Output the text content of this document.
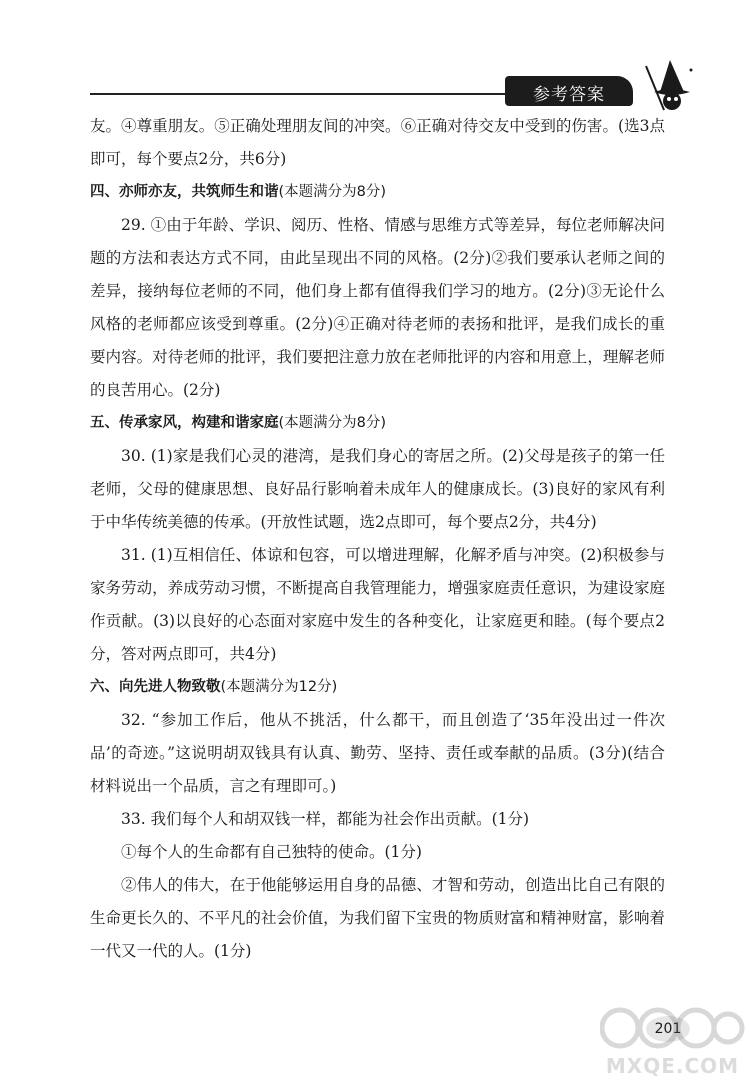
参考答案

友。④尊重朋友。⑤正确处理朋友间的冲突。⑥正确对待交友中受到的伤害。(选3点即可，每个要点2分，共6分)

四、亦师亦友，共筑师生和谐(本题满分为8分)

29. ①由于年龄、学识、阅历、性格、情感与思维方式等差异，每位老师解决问题的方法和表达方式不同，由此呈现出不同的风格。(2分)②我们要承认老师之间的差异，接纳每位老师的不同，他们身上都有值得我们学习的地方。(2分)③无论什么风格的老师都应该受到尊重。(2分)④正确对待老师的表扬和批评，是我们成长的重要内容。对待老师的批评，我们要把注意力放在老师批评的内容和用意上，理解老师的良苦用心。(2分)

五、传承家风，构建和谐家庭(本题满分为8分)

30. (1)家是我们心灵的港湾，是我们身心的寄居之所。(2)父母是孩子的第一任老师，父母的健康思想、良好品行影响着未成年人的健康成长。(3)良好的家风有利于中华传统美德的传承。(开放性试题，选2点即可，每个要点2分，共4分)

31. (1)互相信任、体谅和包容，可以增进理解，化解矛盾与冲突。(2)积极参与家务劳动，养成劳动习惯，不断提高自我管理能力，增强家庭责任意识，为建设家庭作贡献。(3)以良好的心态面对家庭中发生的各种变化，让家庭更和睦。(每个要点2分，答对两点即可，共4分)

六、向先进人物致敬(本题满分为12分)

32. “参加工作后，他从不挑活，什么都干，而且创造了‘35年没出过一件次品’的奇迹。”这说明胡双钱具有认真、勤劳、坚持、责任或奉献的品质。(3分)(结合材料说出一个品质，言之有理即可。)

33. 我们每个人和胡双钱一样，都能为社会作出贡献。(1分)

①每个人的生命都有自己独特的使命。(1分)

②伟人的伟大，在于他能够运用自身的品德、才智和劳动，创造出比自己有限的生命更长久的、不平凡的社会价值，为我们留下宝贵的物质财富和精神财富，影响着一代又一代的人。(1分)

201
MXQE.COM
